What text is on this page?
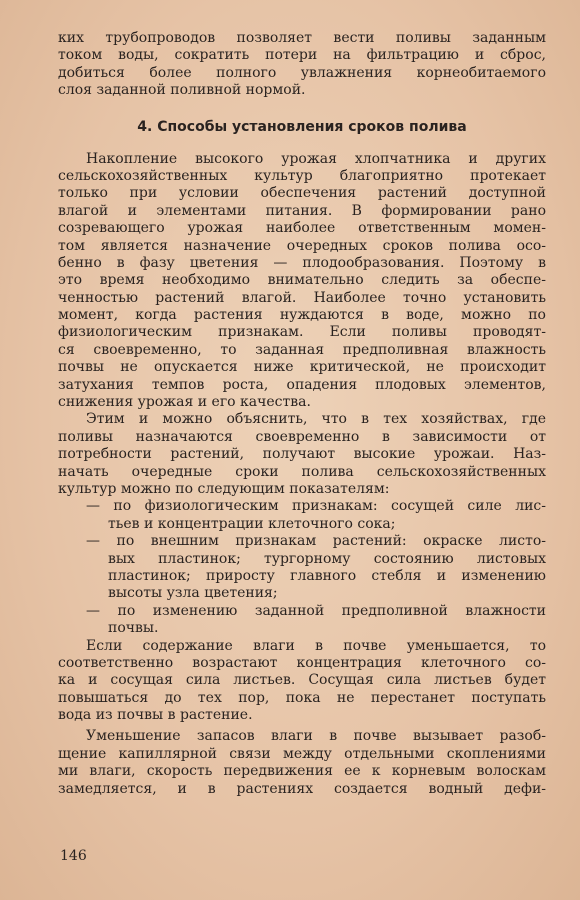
ких трубопроводов позволяет вести поливы заданным
током воды, сократить потери на фильтрацию и сброс,
добиться более полного увлажнения корнеобитаемого
слоя заданной поливной нормой.
4. Способы установления сроков полива
Накопление высокого урожая хлопчатника и других
сельскохозяйственных культур благоприятно протекает
только при условии обеспечения растений доступной
влагой и элементами питания. В формировании рано
созревающего урожая наиболее ответственным момен-
том является назначение очередных сроков полива осо-
бенно в фазу цветения — плодообразования. Поэтому в
это время необходимо внимательно следить за обеспе-
ченностью растений влагой. Наиболее точно установить
момент, когда растения нуждаются в воде, можно по
физиологическим признакам. Если поливы проводят-
ся своевременно, то заданная предполивная влажность
почвы не опускается ниже критической, не происходит
затухания темпов роста, опадения плодовых элементов,
снижения урожая и его качества.
Этим и можно объяснить, что в тех хозяйствах, где
поливы назначаются своевременно в зависимости от
потребности растений, получают высокие урожаи. Наз-
начать очередные сроки полива сельскохозяйственных
культур можно по следующим показателям:
— по физиологическим признакам: сосущей силе лис-
тьев и концентрации клеточного сока;
— по внешним признакам растений: окраске листо-
вых пластинок; тургорному состоянию листовых
пластинок; приросту главного стебля и изменению
высоты узла цветения;
— по изменению заданной предполивной влажности
почвы.
Если содержание влаги в почве уменьшается, то
соответственно возрастают концентрация клеточного со-
ка и сосущая сила листьев. Сосущая сила листьев будет
повышаться до тех пор, пока не перестанет поступать
вода из почвы в растение.
Уменьшение запасов влаги в почве вызывает разоб-
щение капиллярной связи между отдельными скоплениями
ми влаги, скорость передвижения ее к корневым волоскам
замедляется, и в растениях создается водный дефи-
146
